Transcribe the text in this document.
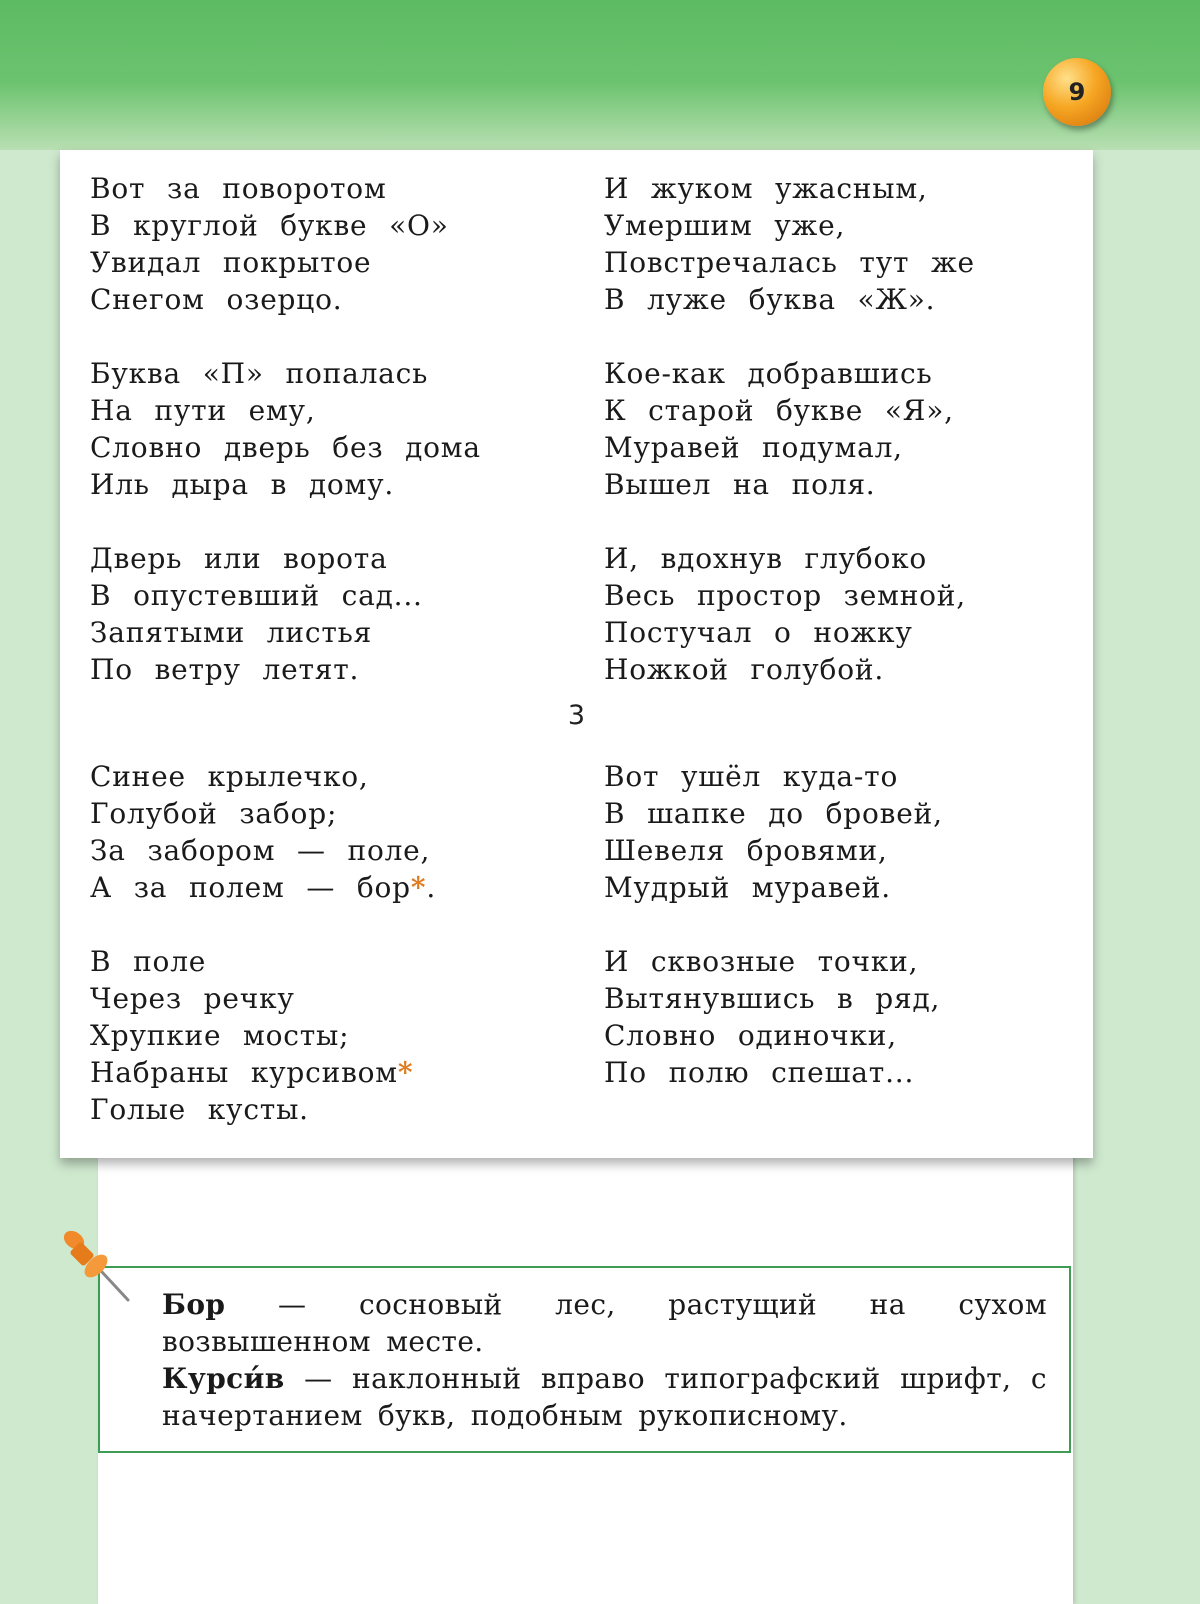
9
Вот за поворотом
В круглой букве «О»
Увидал покрытое
Снегом озерцо.
Буква «П» попалась
На пути ему,
Словно дверь без дома
Иль дыра в дому.
Дверь или ворота
В опустевший сад...
Запятыми листья
По ветру летят.
И жуком ужасным,
Умершим уже,
Повстречалась тут же
В луже буква «Ж».
Кое-как добравшись
К старой букве «Я»,
Муравей подумал,
Вышел на поля.
И, вдохнув глубоко
Весь простор земной,
Постучал о ножку
Ножкой голубой.
3
Синее крылечко,
Голубой забор;
За забором — поле,
А за полем — бор*.
В поле
Через речку
Хрупкие мосты;
Набраны курсивом*
Голые кусты.
Вот ушёл куда-то
В шапке до бровей,
Шевеля бровями,
Мудрый муравей.
И сквозные точки,
Вытянувшись в ряд,
Словно одиночки,
По полю спешат...

Бор — сосновый лес, растущий на сухом возвышенном месте.

Курси́в — наклонный вправо типографский шрифт, с начертанием букв, подобным рукописному.
